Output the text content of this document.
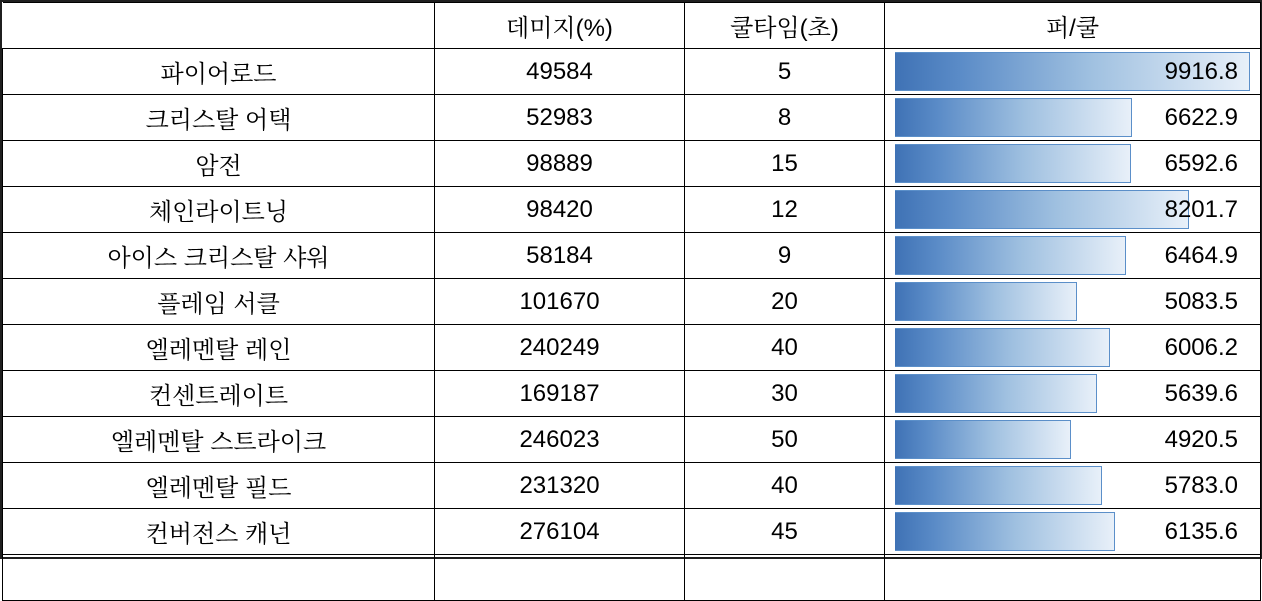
	데미지(%)	쿨타임(초)	퍼/쿨
파이어로드	49584	5	9916.8

크리스탈 어택	52983	8	6622.9

암전	98889	15	6592.6

체인라이트닝	98420	12	8201.7

아이스 크리스탈 샤워	58184	9	6464.9

플레임 서클	101670	20	5083.5

엘레멘탈 레인	240249	40	6006.2

컨센트레이트	169187	30	5639.6

엘레멘탈 스트라이크	246023	50	4920.5

엘레멘탈 필드	231320	40	5783.0

컨버전스 캐넌	276104	45	6135.6
